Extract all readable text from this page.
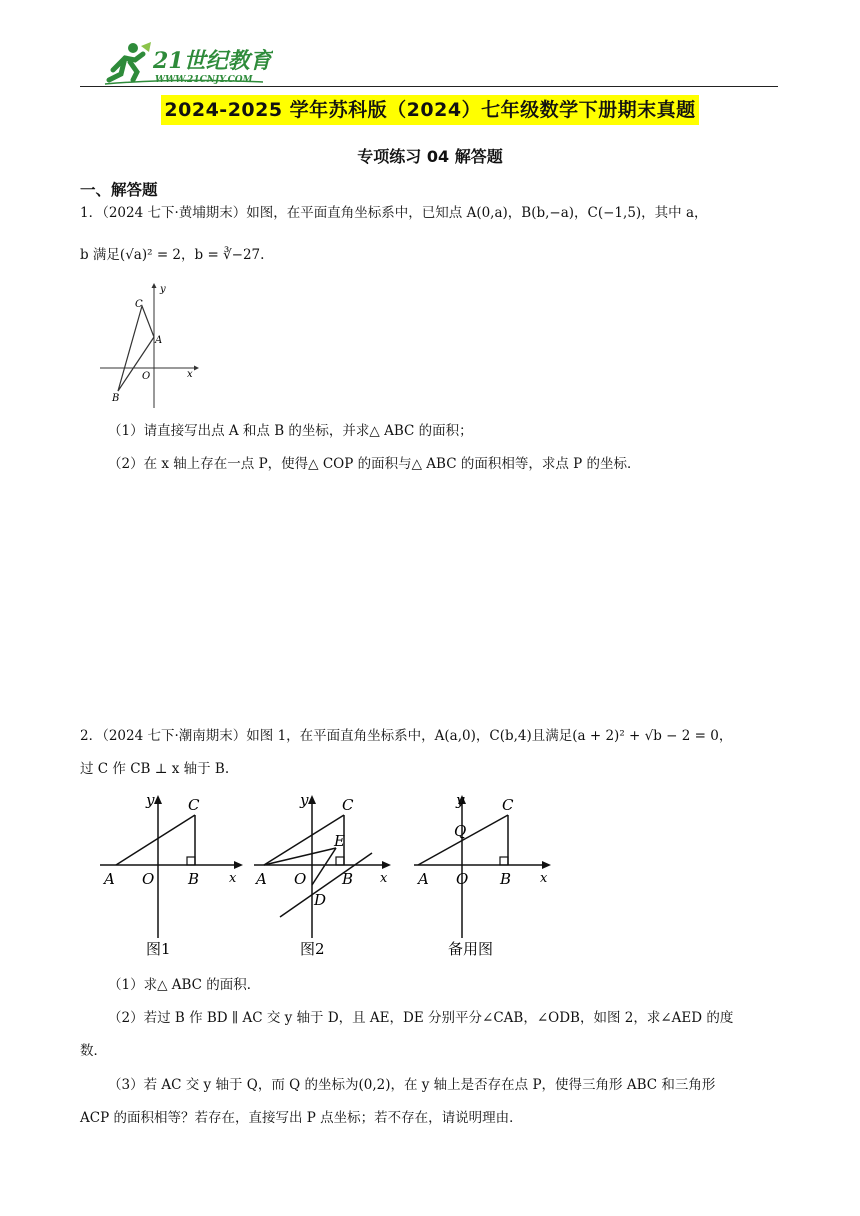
21世纪教育
WWW.21CNJY.COM
2024-2025 学年苏科版（2024）七年级数学下册期末真题
专项练习 04 解答题
一、解答题
1．（2024 七下·黄埔期末）如图，在平面直角坐标系中，已知点 A(0,a)，B(b,−a)，C(−1,5)，其中 a，
b 满足(√a)² = 2，b = ∛−27.
C
y
A
O	x
B
（1）请直接写出点 A 和点 B 的坐标，并求△ ABC 的面积；
（2）在 x 轴上存在一点 P，使得△ COP 的面积与△ ABC 的面积相等，求点 P 的坐标．
2．（2024 七下·潮南期末）如图 1，在平面直角坐标系中，A(a,0)，C(b,4)且满足(a + 2)² + √b − 2 = 0，
过 C 作 CB ⊥ x 轴于 B.
y C
A O B x
图1
y C
E
A O B
D
x
图2
y	C
Q
A O B x
备用图
（1）求△ ABC 的面积．
（2）若过 B 作 BD ∥ AC 交 y 轴于 D，且 AE，DE 分别平分∠CAB，∠ODB，如图 2，求∠AED 的度
数．
（3）若 AC 交 y 轴于 Q，而 Q 的坐标为(0,2)，在 y 轴上是否存在点 P，使得三角形 ABC 和三角形
ACP 的面积相等？若存在，直接写出 P 点坐标；若不存在，请说明理由．
